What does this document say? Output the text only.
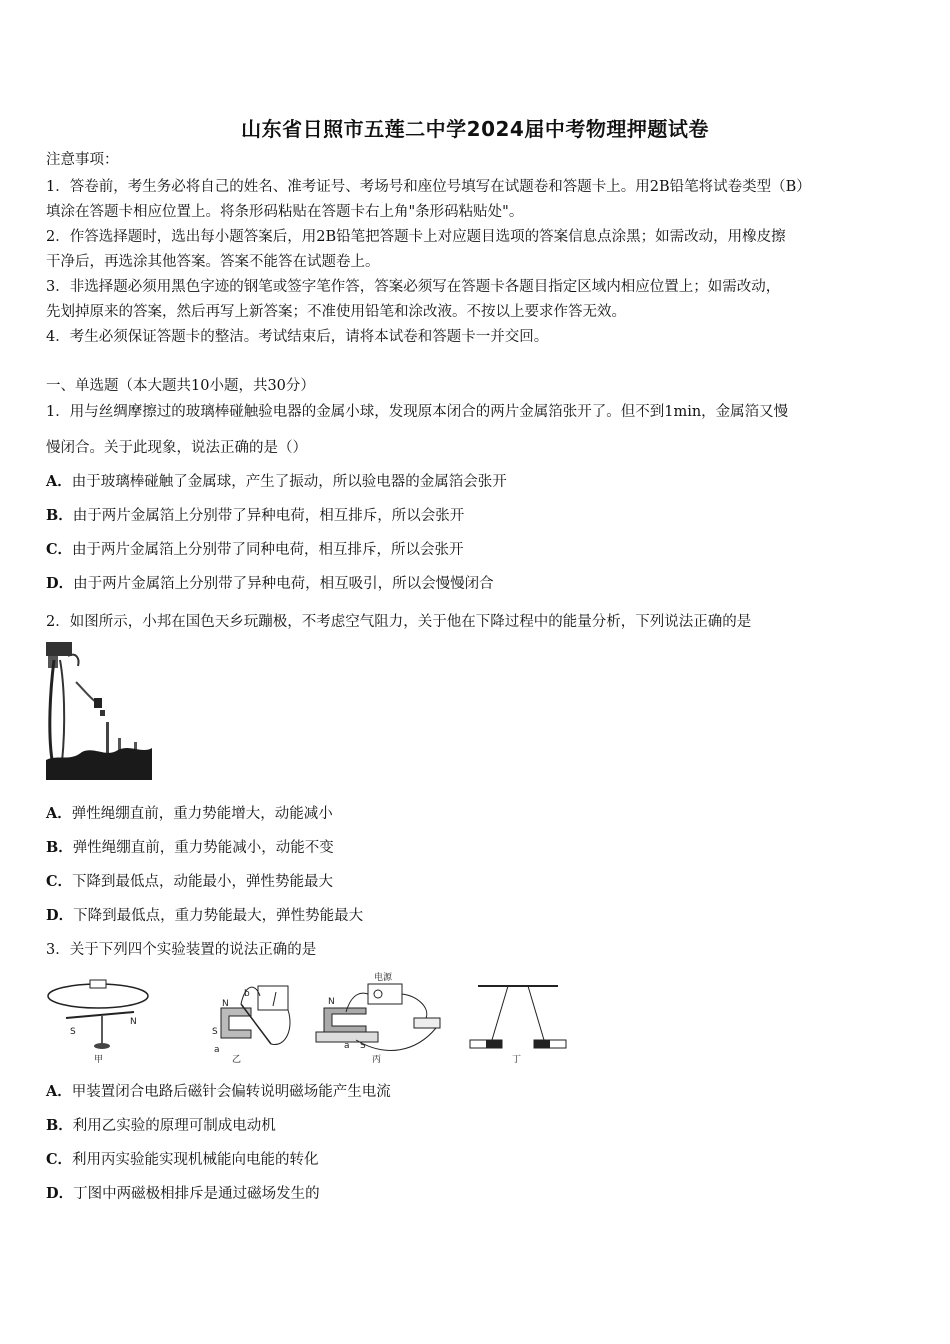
山东省日照市五莲二中学2024届中考物理押题试卷
注意事项：
1．答卷前，考生务必将自己的姓名、准考证号、考场号和座位号填写在试题卷和答题卡上。用2B铅笔将试卷类型（B）
填涂在答题卡相应位置上。将条形码粘贴在答题卡右上角"条形码粘贴处"。
2．作答选择题时，选出每小题答案后，用2B铅笔把答题卡上对应题目选项的答案信息点涂黑；如需改动，用橡皮擦
干净后，再选涂其他答案。答案不能答在试题卷上。
3．非选择题必须用黑色字迹的钢笔或签字笔作答，答案必须写在答题卡各题目指定区域内相应位置上；如需改动，
先划掉原来的答案，然后再写上新答案；不准使用铅笔和涂改液。不按以上要求作答无效。
4．考生必须保证答题卡的整洁。考试结束后，请将本试卷和答题卡一并交回。
一、单选题（本大题共10小题，共30分）
1．用与丝绸摩擦过的玻璃棒碰触验电器的金属小球，发现原本闭合的两片金属箔张开了。但不到1min，金属箔又慢
慢闭合。关于此现象，说法正确的是（）
A．由于玻璃棒碰触了金属球，产生了振动，所以验电器的金属箔会张开
B．由于两片金属箔上分别带了异种电荷，相互排斥，所以会张开
C．由于两片金属箔上分别带了同种电荷，相互排斥，所以会张开
D．由于两片金属箔上分别带了异种电荷，相互吸引，所以会慢慢闭合
2．如图所示，小邦在国色天乡玩蹦极，不考虑空气阻力，关于他在下降过程中的能量分析，下列说法正确的是
A．弹性绳绷直前，重力势能增大，动能减小
B．弹性绳绷直前，重力势能减小，动能不变
C．下降到最低点，动能最小，弹性势能最大
D．下降到最低点，重力势能最大，弹性势能最大
3．关于下列四个实验装置的说法正确的是
S
N
甲
a
b
N
S
乙
电源
N
a S
丙	丁
A．甲装置闭合电路后磁针会偏转说明磁场能产生电流
B．利用乙实验的原理可制成电动机
C．利用丙实验能实现机械能向电能的转化
D．丁图中两磁极相排斥是通过磁场发生的
